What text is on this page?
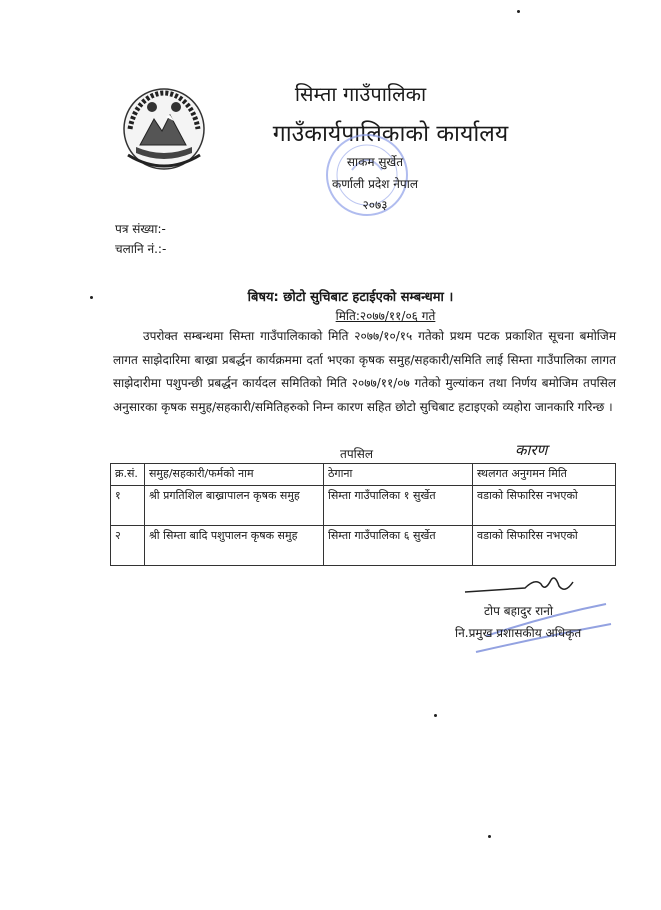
सिम्ता गाउँपालिका
गाउँकार्यपालिकाको कार्यालय
साकम सुर्खेत
कर्णाली प्रदेश नेपाल
२०७३
पत्र संख्या:-
चलानि नं.:-
बिषय: छोटो सुचिबाट हटाईएको सम्बन्धमा ।
मिति:२०७७/११/०६ गते
उपरोक्त सम्बन्धमा सिम्ता गाउँपालिकाको मिति २०७७/१०/१५ गतेको प्रथम पटक प्रकाशित सूचना बमोजिम लागत साझेदारिमा बाख्रा प्रबर्द्धन कार्यक्रममा दर्ता भएका कृषक समुह/सहकारी/समिति लाई सिम्ता गाउँपालिका लागत साझेदारीमा पशुपन्छी प्रबर्द्धन कार्यदल समितिको मिति २०७७/११/०७ गतेको मुल्यांकन तथा निर्णय बमोजिम तपसिल अनुसारका कृषक समुह/सहकारी/समितिहरुको निम्न कारण सहित छोटो सुचिबाट हटाइएको व्यहोरा जानकारि गरिन्छ ।
तपसिल	कारण
क्र.सं.	समुह/सहकारी/फर्मको नाम	ठेगाना	स्थलगत अनुगमन मिति
१	श्री प्रगतिशिल बाख्रापालन कृषक समुह	सिम्ता गाउँपालिका १ सुर्खेत	वडाको सिफारिस नभएको
२	श्री सिम्ता बादि पशुपालन कृषक समुह	सिम्ता गाउँपालिका ६ सुर्खेत	वडाको सिफारिस नभएको
टोप बहादुर रानो
नि.प्रमुख प्रशासकीय अधिकृत
